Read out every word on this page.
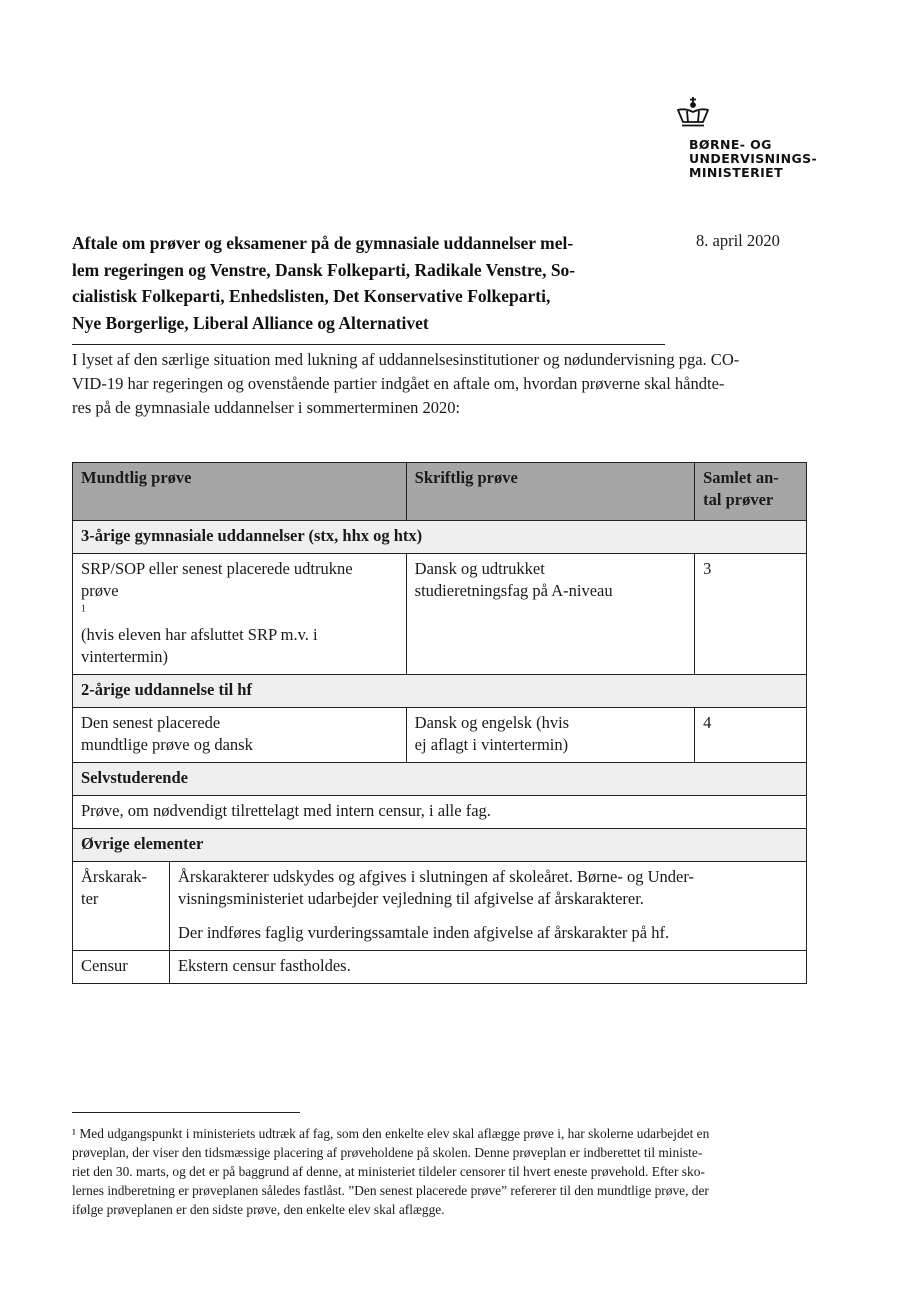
BØRNE- OG
UNDERVISNINGS-
MINISTERIET
Aftale om prøver og eksamener på de gymnasiale uddannelser mel-
lem regeringen og Venstre, Dansk Folkeparti, Radikale Venstre, So-
cialistisk Folkeparti, Enhedslisten, Det Konservative Folkeparti,
Nye Borgerlige, Liberal Alliance og Alternativet
8. april 2020
I lyset af den særlige situation med lukning af uddannelsesinstitutioner og nødundervisning pga. CO-
VID-19 har regeringen og ovenstående partier indgået en aftale om, hvordan prøverne skal håndte-
res på de gymnasiale uddannelser i sommerterminen 2020:
Mundtlig prøve		Skriftlig prøve	Samlet an-
tal prøver

3-årige gymnasiale uddannelser (stx, hhx og htx)			

SRP/SOP eller senest placerede udtrukne
prøve
$^1$
(hvis eleven har afsluttet SRP m.v. i
vintertermin)		Dansk og udtrukket
studieretningsfag på A-niveau	3
2-årige uddannelse til hf			

Den senest placerede
mundtlige prøve og dansk		Dansk og engelsk (hvis
ej aflagt i vintertermin)	4
Selvstuderende			
Prøve, om nødvendigt tilrettelagt med intern censur, i alle fag.			
Øvrige elementer			

Årskarak-
ter	Årskarakterer udskydes og afgives i slutningen af skoleåret. Børne- og Under-
visningsministeriet udarbejder vejledning til afgivelse af årskarakterer.
Der indføres faglig vurderingssamtale inden afgivelse af årskarakter på hf.		

Censur	Ekstern censur fastholdes.		
¹ Med udgangspunkt i ministeriets udtræk af fag, som den enkelte elev skal aflægge prøve i, har skolerne udarbejdet en
prøveplan, der viser den tidsmæssige placering af prøveholdene på skolen. Denne prøveplan er indberettet til ministe-
riet den 30. marts, og det er på baggrund af denne, at ministeriet tildeler censorer til hvert eneste prøvehold. Efter sko-
lernes indberetning er prøveplanen således fastlåst. ”Den senest placerede prøve” refererer til den mundtlige prøve, der
ifølge prøveplanen er den sidste prøve, den enkelte elev skal aflægge.
